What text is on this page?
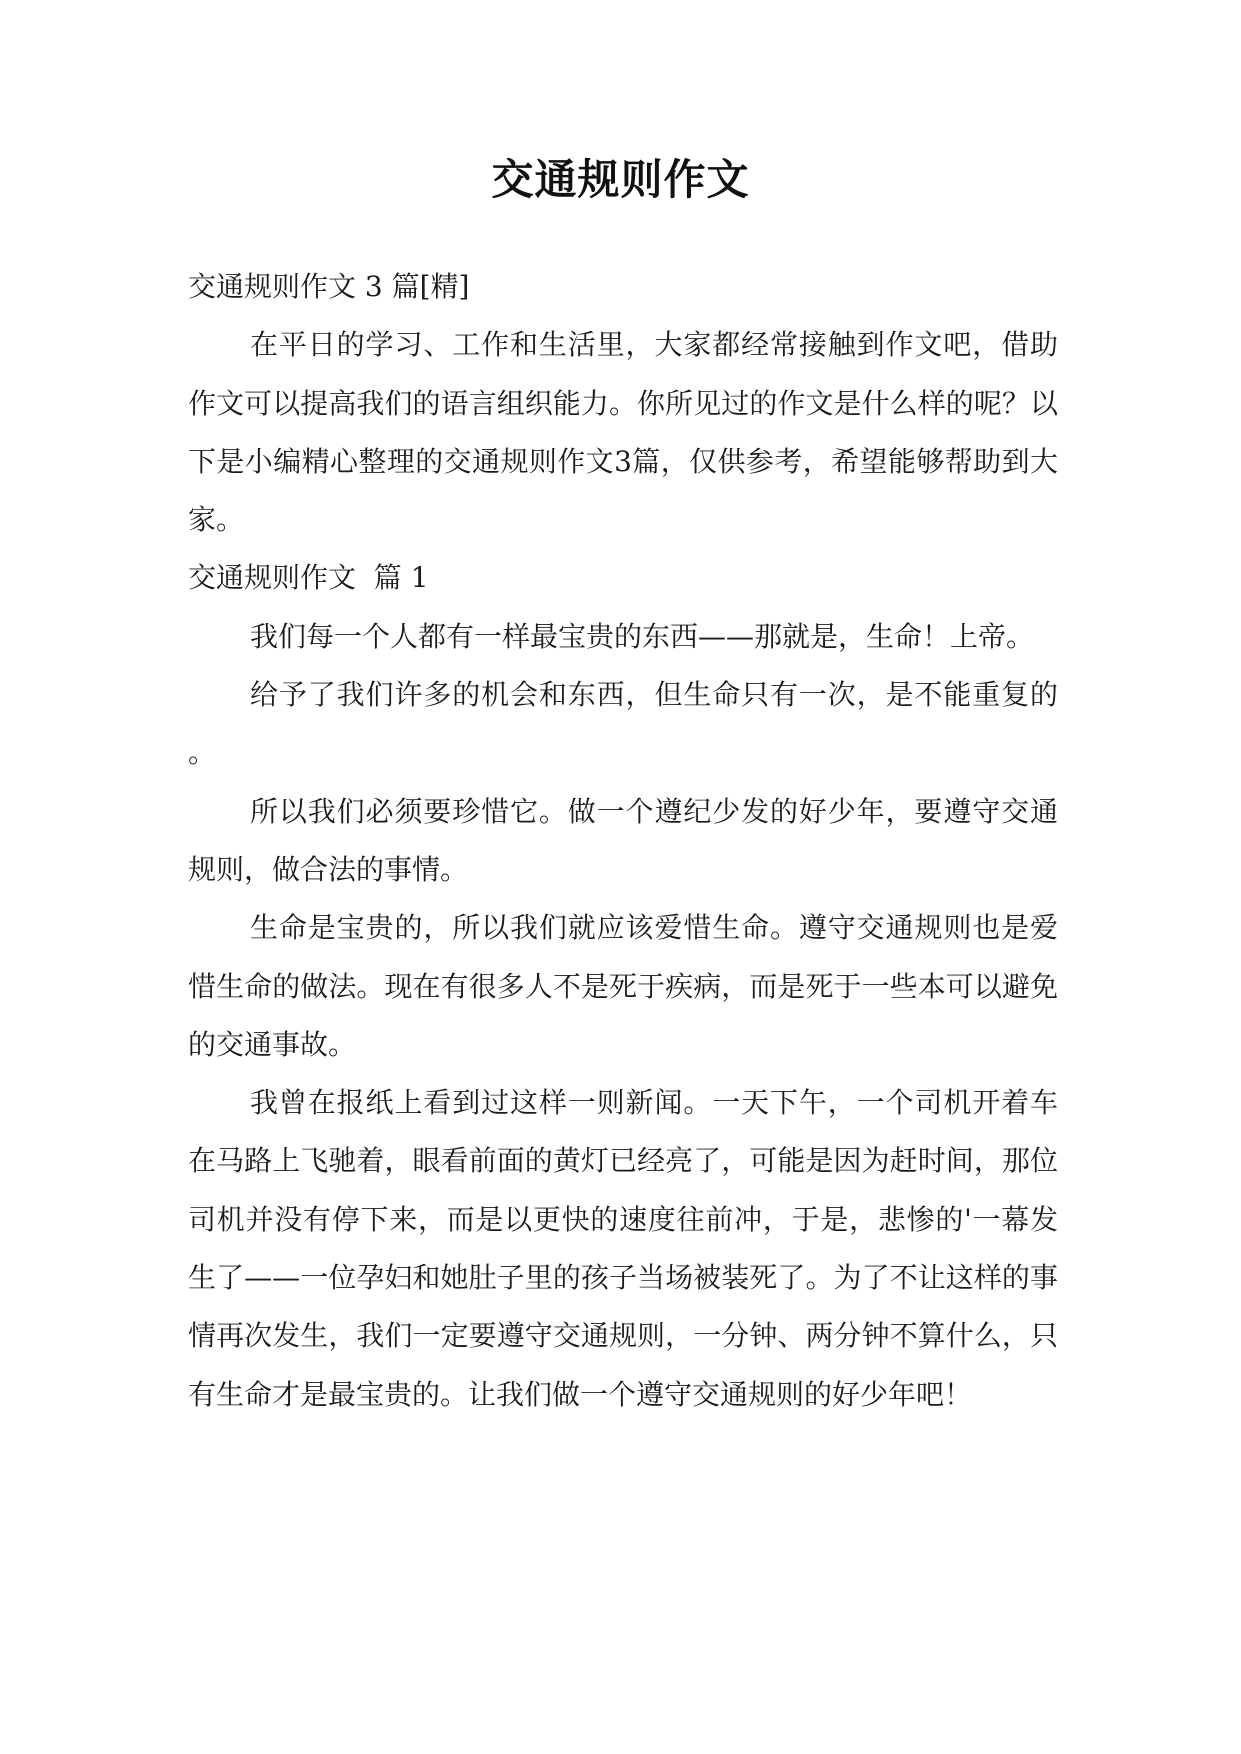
交通规则作文

交通规则作文 3 篇[精]

在平日的学习、工作和生活里，大家都经常接触到作文吧，借助作文可以提高我们的语言组织能力。你所见过的作文是什么样的呢？以下是小编精心整理的交通规则作文3篇，仅供参考，希望能够帮助到大家。

交通规则作文  篇 1

我们每一个人都有一样最宝贵的东西——那就是，生命！上帝。

给予了我们许多的机会和东西，但生命只有一次，是不能重复的。

所以我们必须要珍惜它。做一个遵纪少发的好少年，要遵守交通规则，做合法的事情。

生命是宝贵的，所以我们就应该爱惜生命。遵守交通规则也是爱惜生命的做法。现在有很多人不是死于疾病，而是死于一些本可以避免的交通事故。

我曾在报纸上看到过这样一则新闻。一天下午，一个司机开着车在马路上飞驰着，眼看前面的黄灯已经亮了，可能是因为赶时间，那位司机并没有停下来，而是以更快的速度往前冲，于是，悲惨的'一幕发生了——一位孕妇和她肚子里的孩子当场被装死了。为了不让这样的事情再次发生，我们一定要遵守交通规则，一分钟、两分钟不算什么，只有生命才是最宝贵的。让我们做一个遵守交通规则的好少年吧！
